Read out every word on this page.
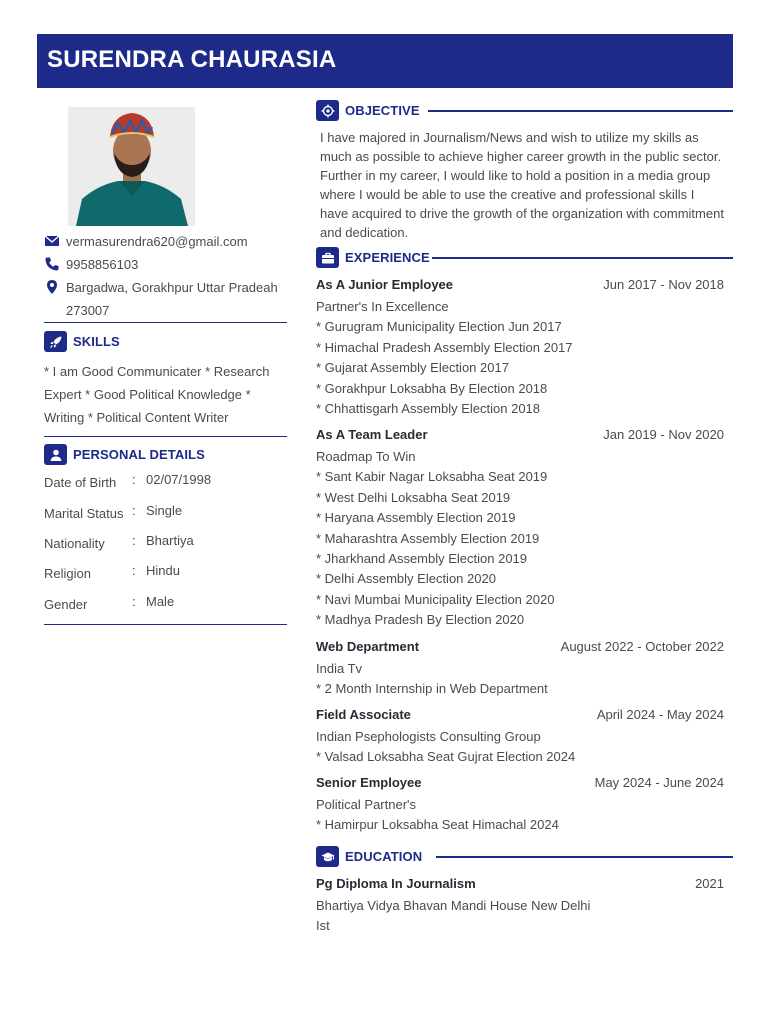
SURENDRA CHAURASIA
vermasurendra620@gmail.com
9958856103
Bargadwa, Gorakhpur Uttar Pradeah
273007
SKILLS
* I am Good Communicater * Research Expert * Good Political Knowledge * Writing * Political Content Writer
PERSONAL DETAILS
Date of Birth : 02/07/1998
Marital Status : Single
Nationality : Bhartiya
Religion	: Hindu
Gender	: Male
OBJECTIVE
I have majored in Journalism/News and wish to utilize my skills as much as possible to achieve higher career growth in the public sector. Further in my career, I would like to hold a position in a media group where I would be able to use the creative and professional skills I have acquired to drive the growth of the organization with commitment and dedication.
EXPERIENCE
As A Junior Employee	Jun 2017 - Nov 2018
Partner's In Excellence
* Gurugram Municipality Election Jun 2017
* Himachal Pradesh Assembly Election 2017
* Gujarat Assembly Election 2017
* Gorakhpur Loksabha By Election 2018
* Chhattisgarh Assembly Election 2018
As A Team Leader	Jan 2019 - Nov 2020
Roadmap To Win
* Sant Kabir Nagar Loksabha Seat 2019
* West Delhi Loksabha Seat 2019
* Haryana Assembly Election 2019
* Maharashtra Assembly Election 2019
* Jharkhand Assembly Election 2019
* Delhi Assembly Election 2020
* Navi Mumbai Municipality Election 2020
* Madhya Pradesh By Election 2020
Web Department	August 2022 - October 2022
India Tv
* 2 Month Internship in Web Department
Field Associate	April 2024 - May 2024
Indian Psephologists Consulting Group
* Valsad Loksabha Seat Gujrat Election 2024
Senior Employee	May 2024 - June 2024
Political Partner's
* Hamirpur Loksabha Seat Himachal 2024
EDUCATION
Pg Diploma In Journalism	2021
Bhartiya Vidya Bhavan Mandi House New Delhi
Ist
